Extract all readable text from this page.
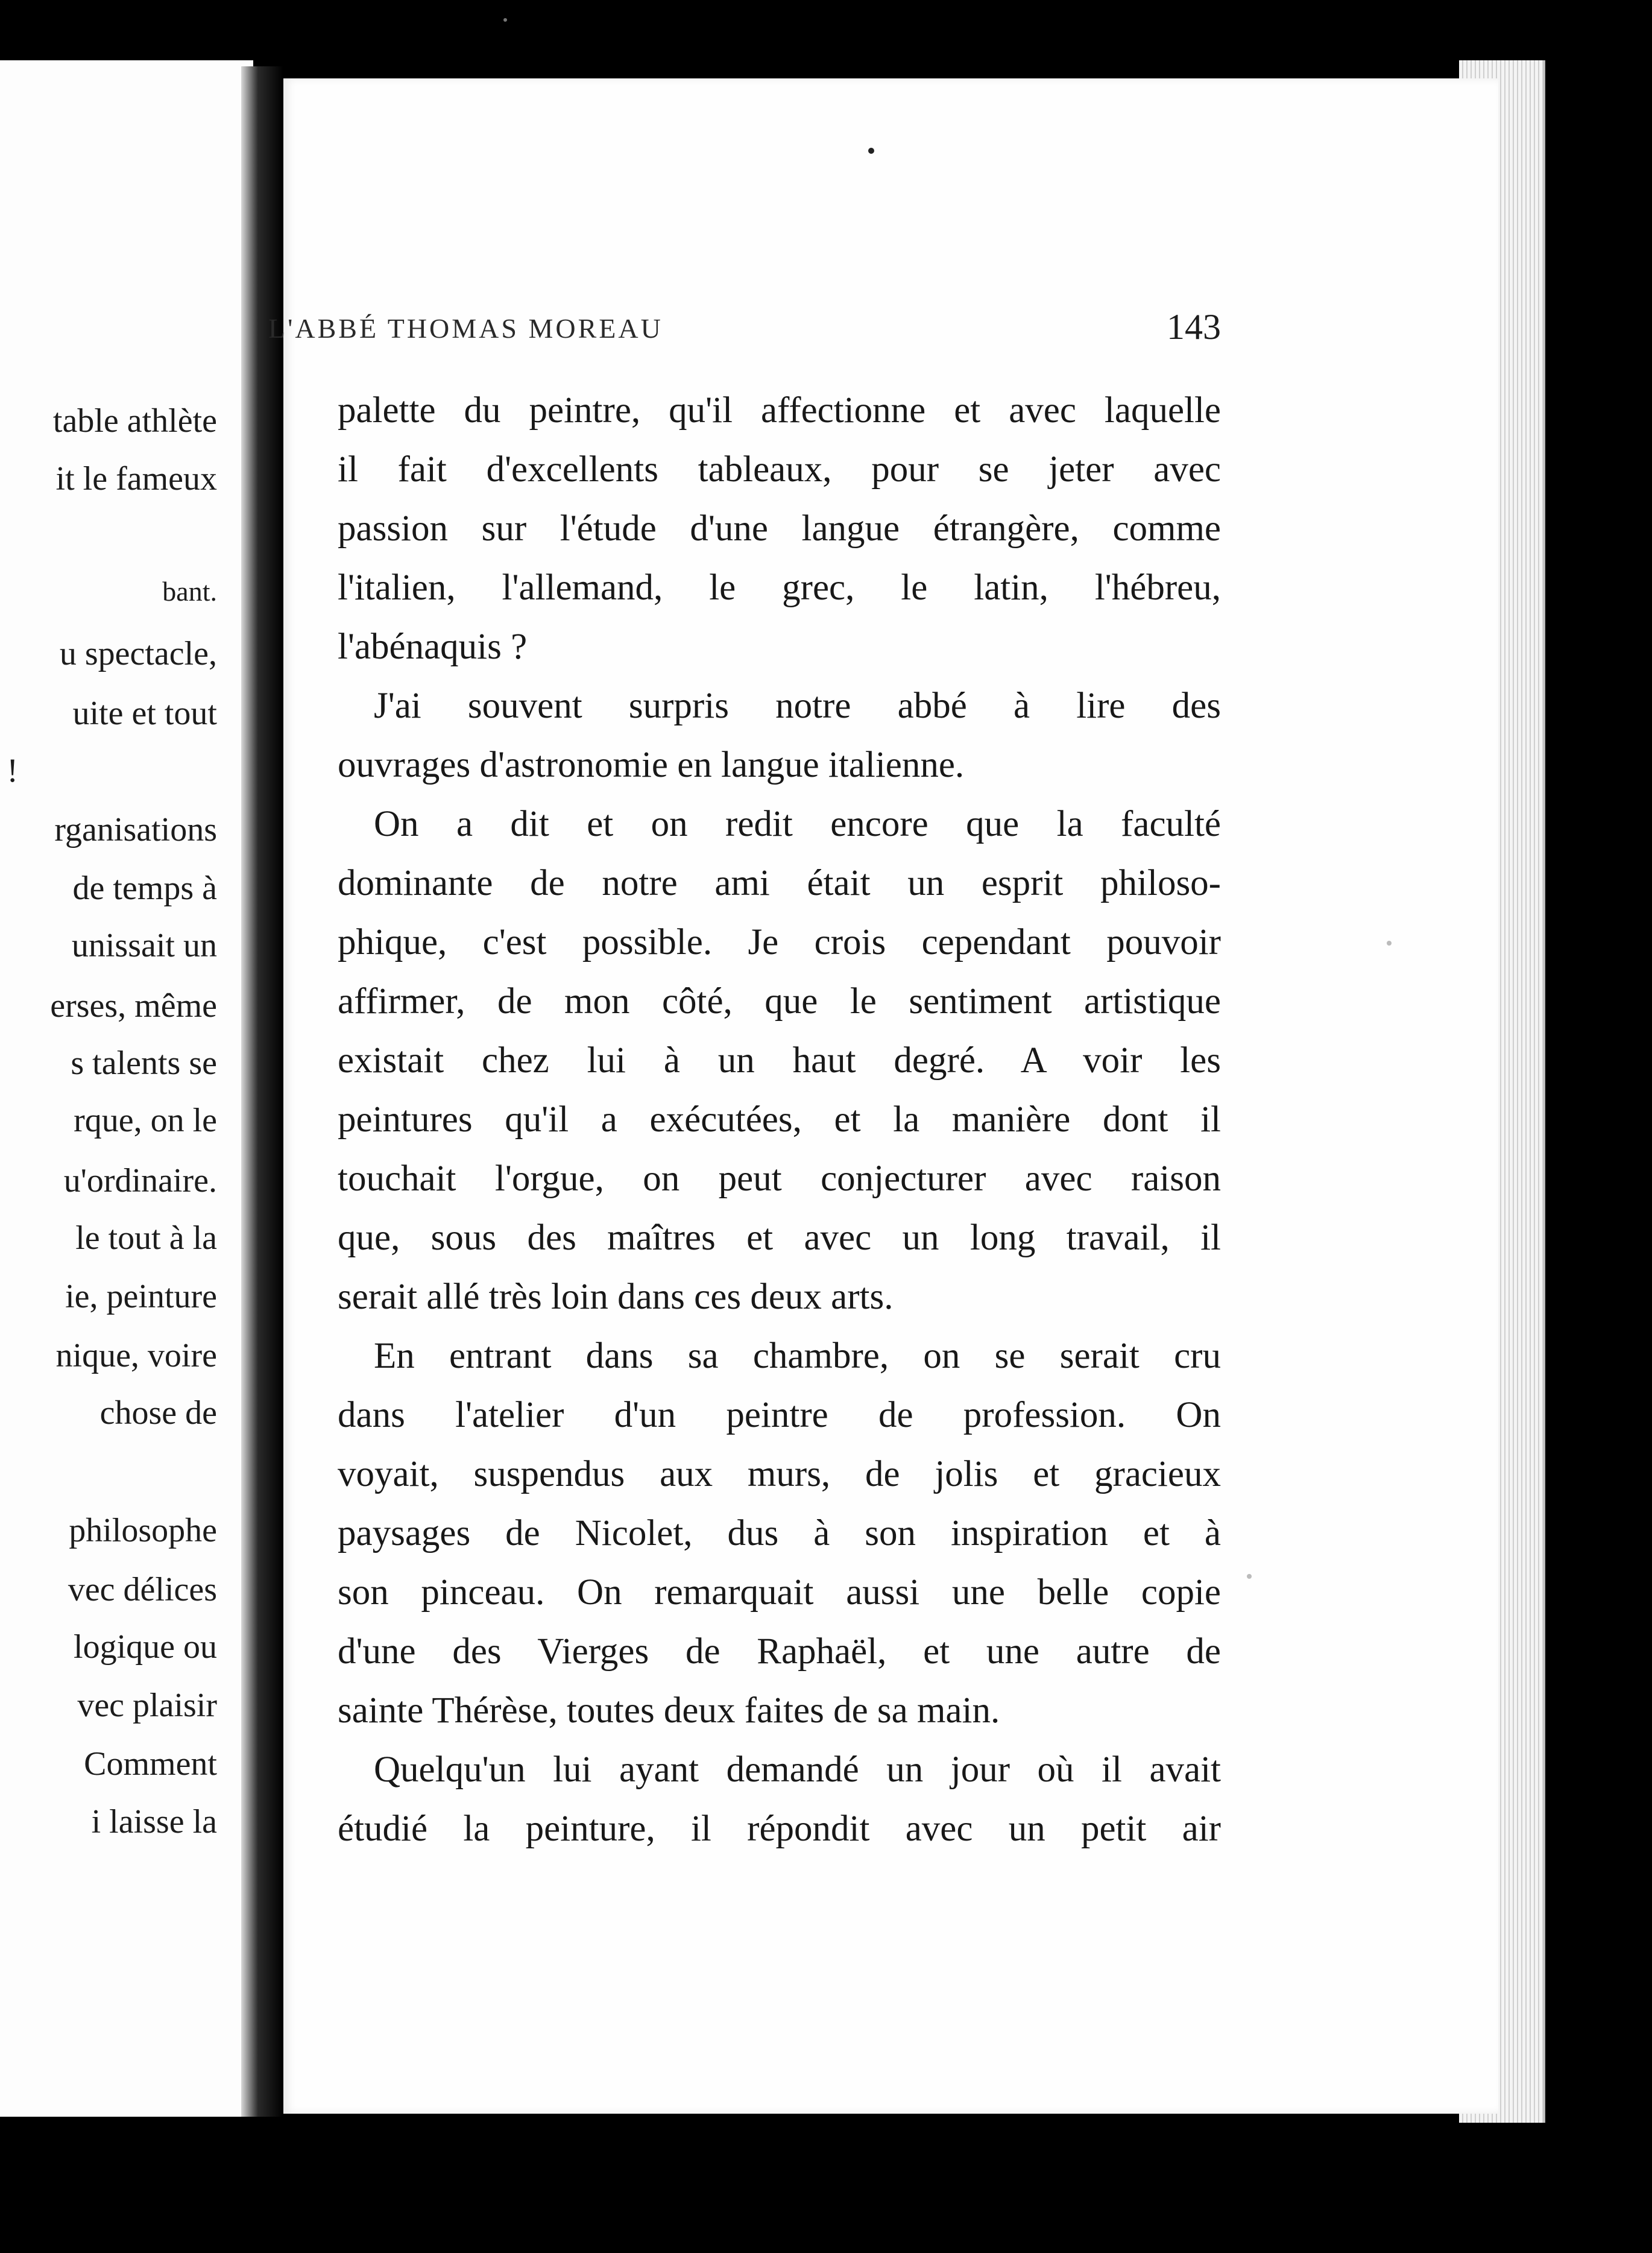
table athlète
it le fameux
bant.
u spectacle,
uite et tout
!
rganisations
de temps à
unissait un
erses, même
s talents se
rque, on le
u'ordinaire.
le tout à la
ie, peinture
nique, voire
chose de
philosophe
vec délices
logique ou
vec plaisir
Comment
i laisse la
L'ABBÉ THOMAS MOREAU	143
palette du peintre, qu'il affectionne et avec laquelle
il fait d'excellents tableaux, pour se jeter avec
passion sur l'étude d'une langue étrangère, comme
l'italien, l'allemand, le grec, le latin, l'hébreu,
l'abénaquis ?
J'ai souvent surpris notre abbé à lire des
ouvrages d'astronomie en langue italienne.
On a dit et on redit encore que la faculté
dominante de notre ami était un esprit philoso-
phique, c'est possible. Je crois cependant pouvoir
affirmer, de mon côté, que le sentiment artistique
existait chez lui à un haut degré. A voir les
peintures qu'il a exécutées, et la manière dont il
touchait l'orgue, on peut conjecturer avec raison
que, sous des maîtres et avec un long travail, il
serait allé très loin dans ces deux arts.
En entrant dans sa chambre, on se serait cru
dans l'atelier d'un peintre de profession. On
voyait, suspendus aux murs, de jolis et gracieux
paysages de Nicolet, dus à son inspiration et à
son pinceau. On remarquait aussi une belle copie
d'une des Vierges de Raphaël, et une autre de
sainte Thérèse, toutes deux faites de sa main.
Quelqu'un lui ayant demandé un jour où il avait
étudié la peinture, il répondit avec un petit air
